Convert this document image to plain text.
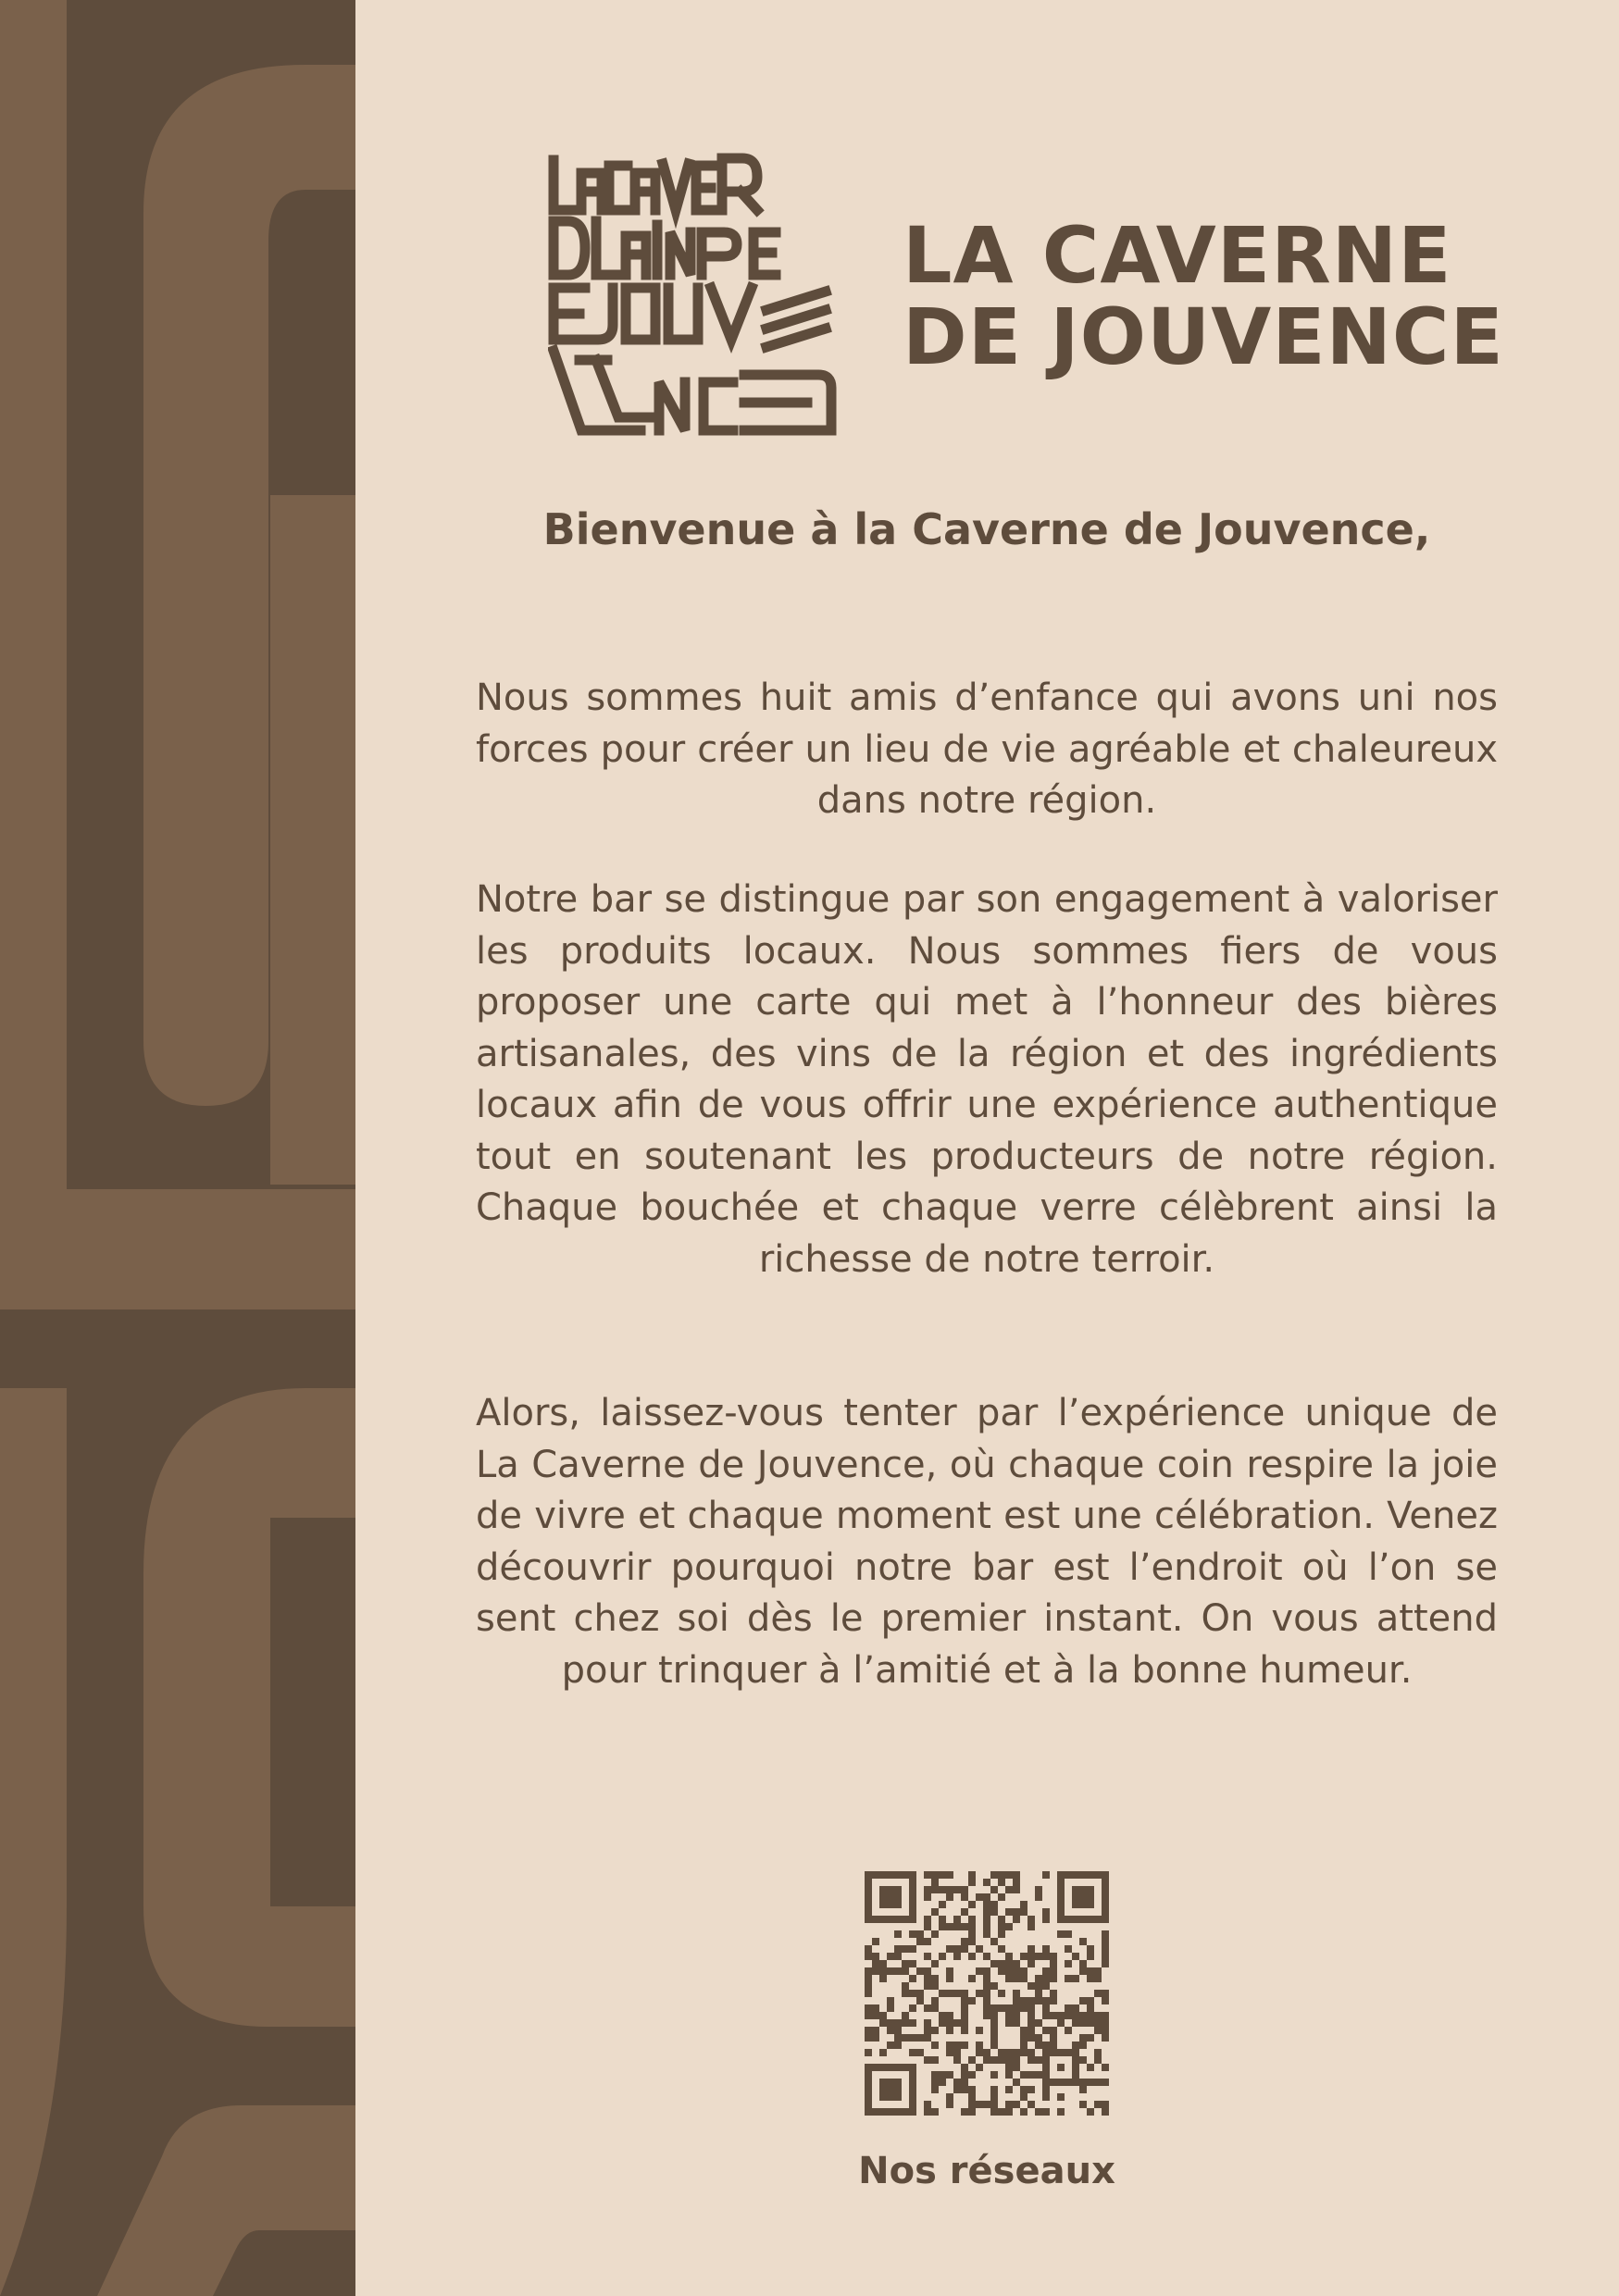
LA CAVERNE
DE JOUVENCE
Bienvenue à la Caverne de Jouvence,
Nous sommes huit amis d’enfance qui avons uni nos forces pour créer un lieu de vie agréable et chaleureux dans notre région.
Notre bar se distingue par son engagement à valoriser les produits locaux. Nous sommes fiers de vous proposer une carte qui met à l’honneur des bières artisanales, des vins de la région et des ingrédients locaux afin de vous offrir une expérience authentique tout en soutenant les producteurs de notre région. Chaque bouchée et chaque verre célèbrent ainsi la richesse de notre terroir.
Alors, laissez-vous tenter par l’expérience unique de La Caverne de Jouvence, où chaque coin respire la joie de vivre et chaque moment est une célébration. Venez découvrir pourquoi notre bar est l’endroit où l’on se sent chez soi dès le premier instant. On vous attend pour trinquer à l’amitié et à la bonne humeur.
Nos réseaux
